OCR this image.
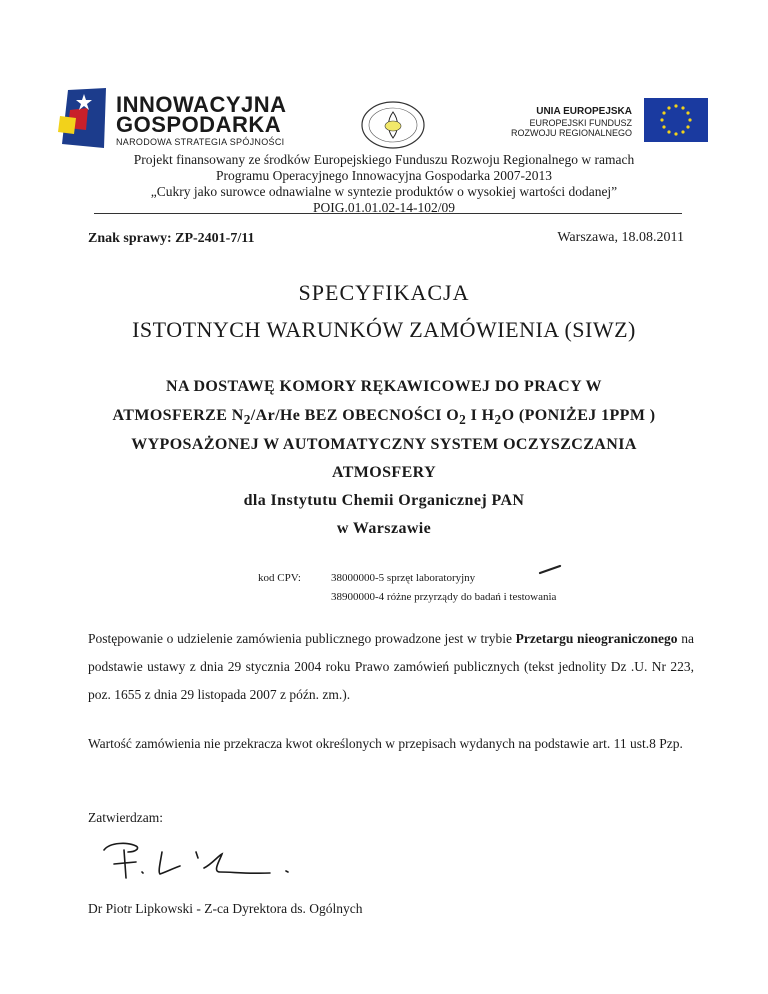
INNOWACYJNA
GOSPODARKA
NARODOWA STRATEGIA SPÓJNOŚCI
UNIA EUROPEJSKA
EUROPEJSKI FUNDUSZ
ROZWOJU REGIONALNEGO
Projekt finansowany ze środków Europejskiego Funduszu Rozwoju Regionalnego w ramach
Programu Operacyjnego Innowacyjna Gospodarka 2007-2013
„Cukry jako surowce odnawialne w syntezie produktów o wysokiej wartości dodanej”
POIG.01.01.02-14-102/09
Znak sprawy: ZP-2401-7/11	Warszawa, 18.08.2011
SPECYFIKACJA
ISTOTNYCH WARUNKÓW ZAMÓWIENIA (SIWZ)
NA DOSTAWĘ KOMORY RĘKAWICOWEJ DO PRACY W
ATMOSFERZE $N_2/Ar/He$ BEZ OBECNOŚCI $O_2$ I $H_2O$ (PONIŻEJ 1PPM )
WYPOSAŻONEJ W AUTOMATYCZNY SYSTEM OCZYSZCZANIA
ATMOSFERY
dla Instytutu Chemii Organicznej PAN
w Warszawie
kod CPV:	38000000-5 sprzęt laboratoryjny
38900000-4 różne przyrządy do badań i testowania
Postępowanie o udzielenie zamówienia publicznego prowadzone jest w trybie Przetargu nieograniczonego na podstawie ustawy z dnia 29 stycznia 2004 roku Prawo zamówień publicznych (tekst jednolity Dz .U. Nr 223, poz. 1655 z dnia 29 listopada 2007 z późn. zm.).
Wartość zamówienia nie przekracza kwot określonych w przepisach wydanych na podstawie art. 11 ust.8 Pzp.
Zatwierdzam:
Dr Piotr Lipkowski - Z-ca Dyrektora ds. Ogólnych
